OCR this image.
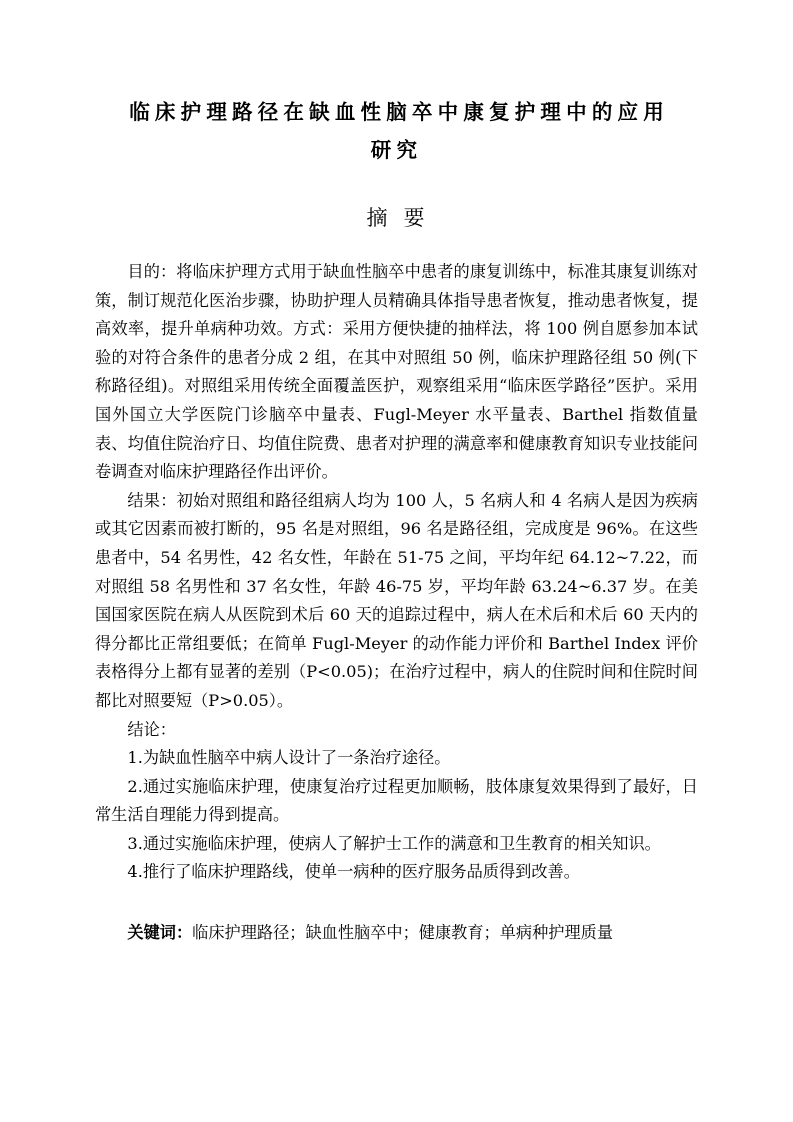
临床护理路径在缺血性脑卒中康复护理中的应用
研究
摘 要

目的：将临床护理方式用于缺血性脑卒中患者的康复训练中，标准其康复训练对策，制订规范化医治步骤，协助护理人员精确具体指导患者恢复，推动患者恢复，提高效率，提升单病种功效。方式：采用方便快捷的抽样法，将 100 例自愿参加本试验的对符合条件的患者分成 2 组，在其中对照组 50 例，临床护理路径组 50 例(下称路径组)。对照组采用传统全面覆盖医护，观察组采用“临床医学路径”医护。采用国外国立大学医院门诊脑卒中量表、Fugl-Meyer 水平量表、Barthel 指数值量表、均值住院治疗日、均值住院费、患者对护理的满意率和健康教育知识专业技能问卷调查对临床护理路径作出评价。

结果：初始对照组和路径组病人均为 100 人，5 名病人和 4 名病人是因为疾病或其它因素而被打断的，95 名是对照组，96 名是路径组，完成度是 96%。在这些患者中，54 名男性，42 名女性，年龄在 51-75 之间，平均年纪 64.12~7.22，而对照组 58 名男性和 37 名女性，年龄 46-75 岁，平均年龄 63.24~6.37 岁。在美国国家医院在病人从医院到术后 60 天的追踪过程中，病人在术后和术后 60 天内的得分都比正常组要低；在简单 Fugl-Meyer 的动作能力评价和 Barthel Index 评价表格得分上都有显著的差别（P<0.05)；在治疗过程中，病人的住院时间和住院时间都比对照要短（P>0.05）。

结论：

1.为缺血性脑卒中病人设计了一条治疗途径。

2.通过实施临床护理，使康复治疗过程更加顺畅，肢体康复效果得到了最好，日常生活自理能力得到提高。

3.通过实施临床护理，使病人了解护士工作的满意和卫生教育的相关知识。

4.推行了临床护理路线，使单一病种的医疗服务品质得到改善。

关键词：临床护理路径；缺血性脑卒中；健康教育；单病种护理质量
